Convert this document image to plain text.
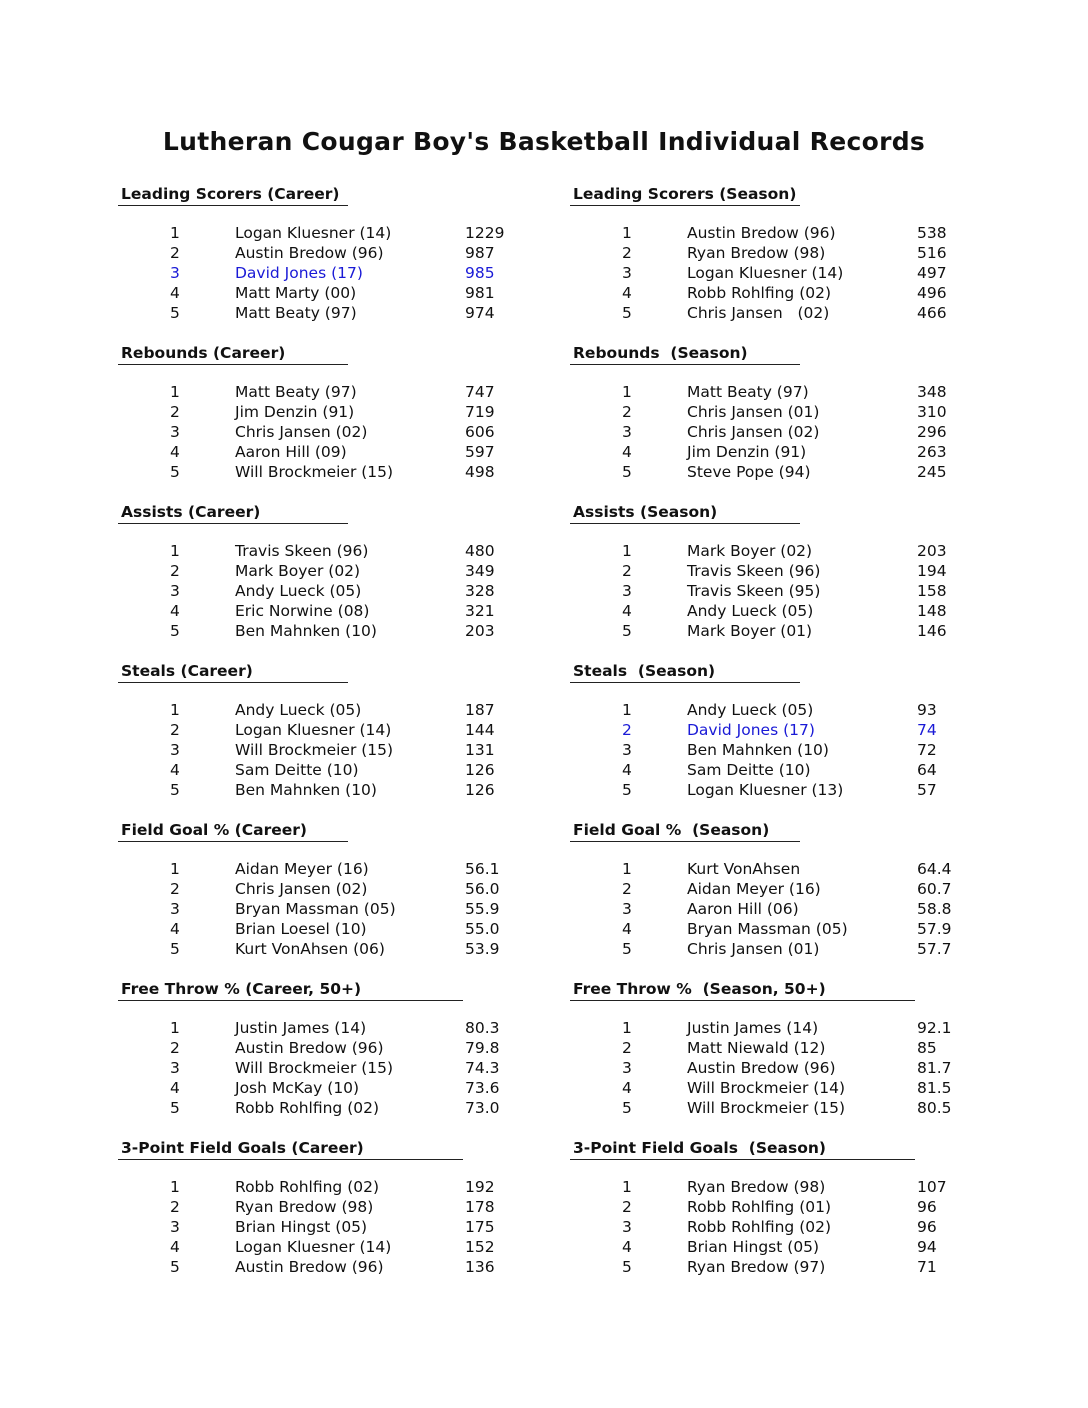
Lutheran Cougar Boy's Basketball Individual Records
Leading Scorers (Career)
1	Logan Kluesner (14)	1229
2	Austin Bredow (96)	987
3	David Jones (17)	985
4	Matt Marty (00)	981
5	Matt Beaty (97)	974
Rebounds (Career)
1	Matt Beaty (97)	747
2	Jim Denzin (91)	719
3	Chris Jansen (02)	606
4	Aaron Hill (09)	597
5	Will Brockmeier (15)	498
Assists (Career)
1	Travis Skeen (96)	480
2	Mark Boyer (02)	349
3	Andy Lueck (05)	328
4	Eric Norwine (08)	321
5	Ben Mahnken (10)	203
Steals (Career)
1	Andy Lueck (05)	187
2	Logan Kluesner (14)	144
3	Will Brockmeier (15)	131
4	Sam Deitte (10)	126
5	Ben Mahnken (10)	126
Field Goal % (Career)
1	Aidan Meyer (16)	56.1
2	Chris Jansen (02)	56.0
3	Bryan Massman (05)	55.9
4	Brian Loesel (10)	55.0
5	Kurt VonAhsen (06)	53.9
Free Throw % (Career, 50+)
1	Justin James (14)	80.3
2	Austin Bredow (96)	79.8
3	Will Brockmeier (15)	74.3
4	Josh McKay (10)	73.6
5	Robb Rohlfing (02)	73.0
3-Point Field Goals (Career)
1	Robb Rohlfing (02)	192
2	Ryan Bredow (98)	178
3	Brian Hingst (05)	175
4	Logan Kluesner (14)	152
5	Austin Bredow (96)	136
Leading Scorers (Season)
1	Austin Bredow (96)	538
2	Ryan Bredow (98)	516
3	Logan Kluesner (14)	497
4	Robb Rohlfing (02)	496
5	Chris Jansen   (02)	466
Rebounds  (Season)
1	Matt Beaty (97)	348
2	Chris Jansen (01)	310
3	Chris Jansen (02)	296
4	Jim Denzin (91)	263
5	Steve Pope (94)	245
Assists (Season)
1	Mark Boyer (02)	203
2	Travis Skeen (96)	194
3	Travis Skeen (95)	158
4	Andy Lueck (05)	148
5	Mark Boyer (01)	146
Steals  (Season)
1	Andy Lueck (05)	93
2	David Jones (17)	74
3	Ben Mahnken (10)	72
4	Sam Deitte (10)	64
5	Logan Kluesner (13)	57
Field Goal %  (Season)
1	Kurt VonAhsen	64.4
2	Aidan Meyer (16)	60.7
3	Aaron Hill (06)	58.8
4	Bryan Massman (05)	57.9
5	Chris Jansen (01)	57.7
Free Throw %  (Season, 50+)
1	Justin James (14)	92.1
2	Matt Niewald (12)	85
3	Austin Bredow (96)	81.7
4	Will Brockmeier (14)	81.5
5	Will Brockmeier (15)	80.5
3-Point Field Goals  (Season)
1	Ryan Bredow (98)	107
2	Robb Rohlfing (01)	96
3	Robb Rohlfing (02)	96
4	Brian Hingst (05)	94
5	Ryan Bredow (97)	71
